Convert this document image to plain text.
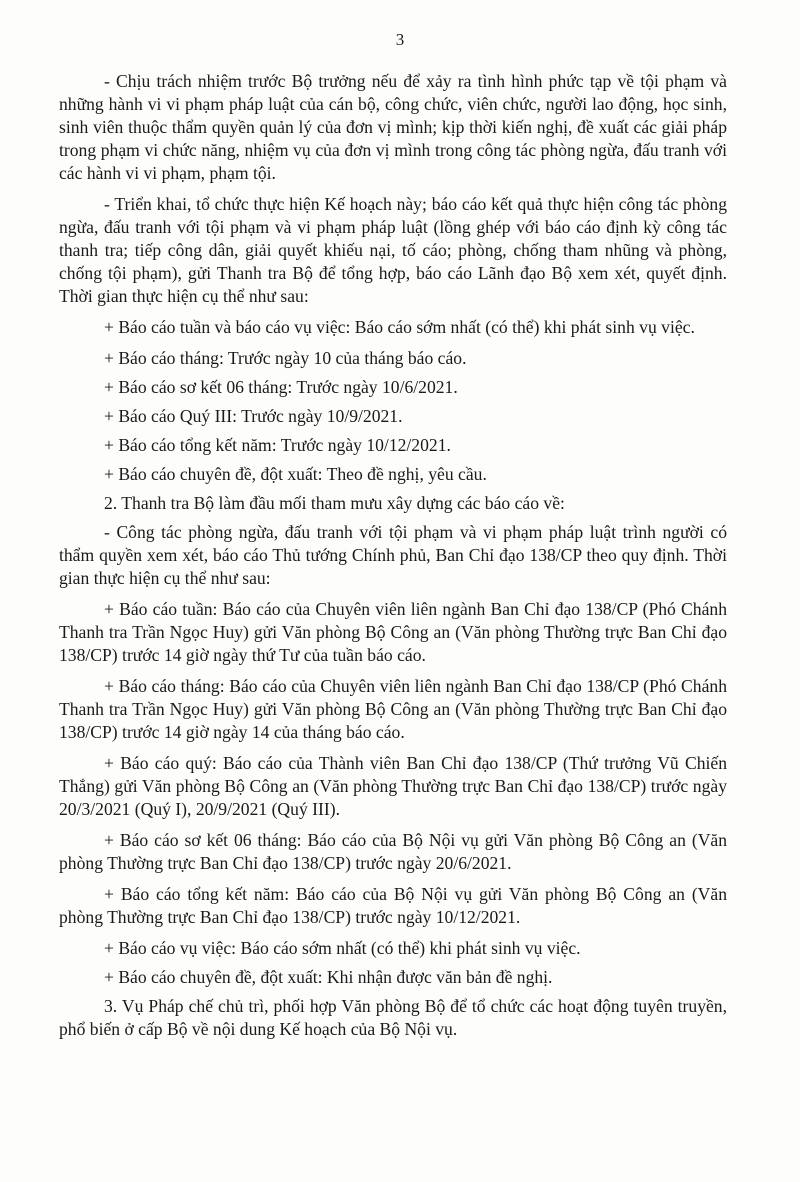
3

- Chịu trách nhiệm trước Bộ trưởng nếu để xảy ra tình hình phức tạp về tội phạm và những hành vi vi phạm pháp luật của cán bộ, công chức, viên chức, người lao động, học sinh, sinh viên thuộc thẩm quyền quản lý của đơn vị mình; kịp thời kiến nghị, đề xuất các giải pháp trong phạm vi chức năng, nhiệm vụ của đơn vị mình trong công tác phòng ngừa, đấu tranh với các hành vi vi phạm, phạm tội.

- Triển khai, tổ chức thực hiện Kế hoạch này; báo cáo kết quả thực hiện công tác phòng ngừa, đấu tranh với tội phạm và vi phạm pháp luật (lồng ghép với báo cáo định kỳ công tác thanh tra; tiếp công dân, giải quyết khiếu nại, tố cáo; phòng, chống tham nhũng và phòng, chống tội phạm), gửi Thanh tra Bộ để tổng hợp, báo cáo Lãnh đạo Bộ xem xét, quyết định. Thời gian thực hiện cụ thể như sau:

+ Báo cáo tuần và báo cáo vụ việc: Báo cáo sớm nhất (có thể) khi phát sinh vụ việc.

+ Báo cáo tháng: Trước ngày 10 của tháng báo cáo.

+ Báo cáo sơ kết 06 tháng: Trước ngày 10/6/2021.

+ Báo cáo Quý III: Trước ngày 10/9/2021.

+ Báo cáo tổng kết năm: Trước ngày 10/12/2021.

+ Báo cáo chuyên đề, đột xuất: Theo đề nghị, yêu cầu.

2. Thanh tra Bộ làm đầu mối tham mưu xây dựng các báo cáo về:

- Công tác phòng ngừa, đấu tranh với tội phạm và vi phạm pháp luật trình người có thẩm quyền xem xét, báo cáo Thủ tướng Chính phủ, Ban Chỉ đạo 138/CP theo quy định. Thời gian thực hiện cụ thể như sau:

+ Báo cáo tuần: Báo cáo của Chuyên viên liên ngành Ban Chỉ đạo 138/CP (Phó Chánh Thanh tra Trần Ngọc Huy) gửi Văn phòng Bộ Công an (Văn phòng Thường trực Ban Chỉ đạo 138/CP) trước 14 giờ ngày thứ Tư của tuần báo cáo.

+ Báo cáo tháng: Báo cáo của Chuyên viên liên ngành Ban Chỉ đạo 138/CP (Phó Chánh Thanh tra Trần Ngọc Huy) gửi Văn phòng Bộ Công an (Văn phòng Thường trực Ban Chỉ đạo 138/CP) trước 14 giờ ngày 14 của tháng báo cáo.

+ Báo cáo quý: Báo cáo của Thành viên Ban Chỉ đạo 138/CP (Thứ trưởng Vũ Chiến Thắng) gửi Văn phòng Bộ Công an (Văn phòng Thường trực Ban Chỉ đạo 138/CP) trước ngày 20/3/2021 (Quý I), 20/9/2021 (Quý III).

+ Báo cáo sơ kết 06 tháng: Báo cáo của Bộ Nội vụ gửi Văn phòng Bộ Công an (Văn phòng Thường trực Ban Chỉ đạo 138/CP) trước ngày 20/6/2021.

+ Báo cáo tổng kết năm: Báo cáo của Bộ Nội vụ gửi Văn phòng Bộ Công an (Văn phòng Thường trực Ban Chỉ đạo 138/CP) trước ngày 10/12/2021.

+ Báo cáo vụ việc: Báo cáo sớm nhất (có thể) khi phát sinh vụ việc.

+ Báo cáo chuyên đề, đột xuất: Khi nhận được văn bản đề nghị.

3. Vụ Pháp chế chủ trì, phối hợp Văn phòng Bộ để tổ chức các hoạt động tuyên truyền, phổ biến ở cấp Bộ về nội dung Kế hoạch của Bộ Nội vụ.
